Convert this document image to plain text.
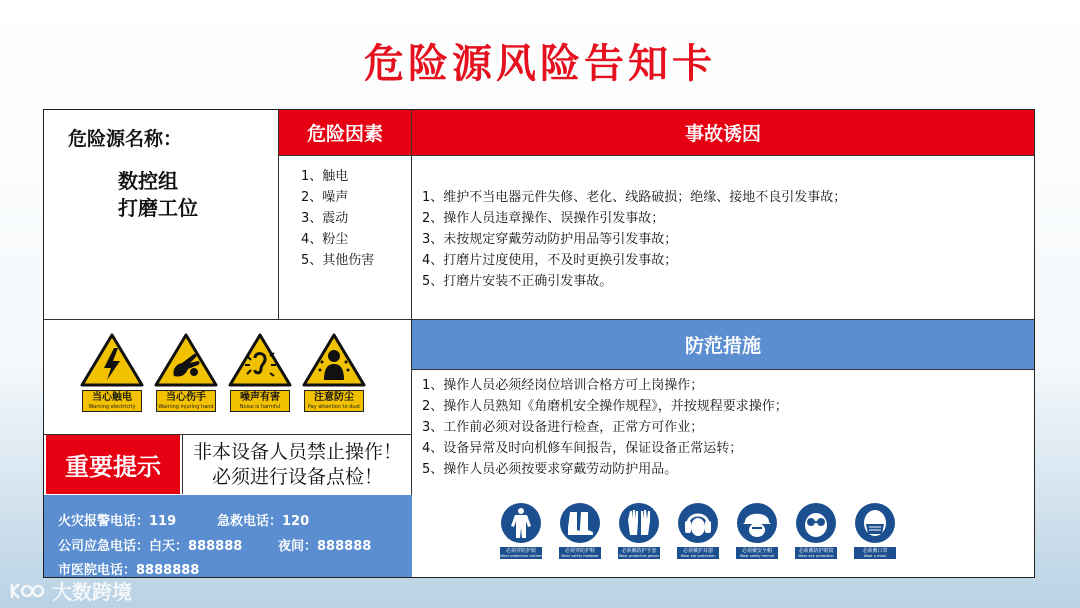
危险源风险告知卡
危险源名称：
数控组
打磨工位
危险因素
1、触电
2、噪声
3、震动
4、粉尘
5、其他伤害
事故诱因
1、维护不当电器元件失修、老化、线路破损；绝缘、接地不良引发事故；
2、操作人员违章操作、误操作引发事故；
3、未按规定穿戴劳动防护用品等引发事故；
4、打磨片过度使用，不及时更换引发事故；
5、打磨片安装不正确引发事故。
当心触电
Warning electricity
当心伤手
Warning injuring hand
噪声有害
Noise is harmful
注意防尘
Pay attention to dust
重要提示
非本设备人员禁止操作！
必须进行设备点检！
火灾报警电话：119	急救电话：120
公司应急电话：白天：888888	夜间：888888
市医院电话：8888888
防范措施
1、操作人员必须经岗位培训合格方可上岗操作；
2、操作人员熟知《角磨机安全操作规程》，并按规程要求操作；
3、工作前必须对设备进行检查，正常方可作业；
4、设备异常及时向机修车间报告，保证设备正常运转；
5、操作人员必须按要求穿戴劳动防护用品。
必须穿防护服
Wear protective clothes
必须穿防护鞋
Wear safety footwear
必须戴防护手套
Wear protective gloves
必须戴护耳器
Wear ear protection
必须戴安全帽
Wear safety helmet
必须戴防护眼镜
Wear eye protection
必须戴口罩
Wear a mask
大数跨境
